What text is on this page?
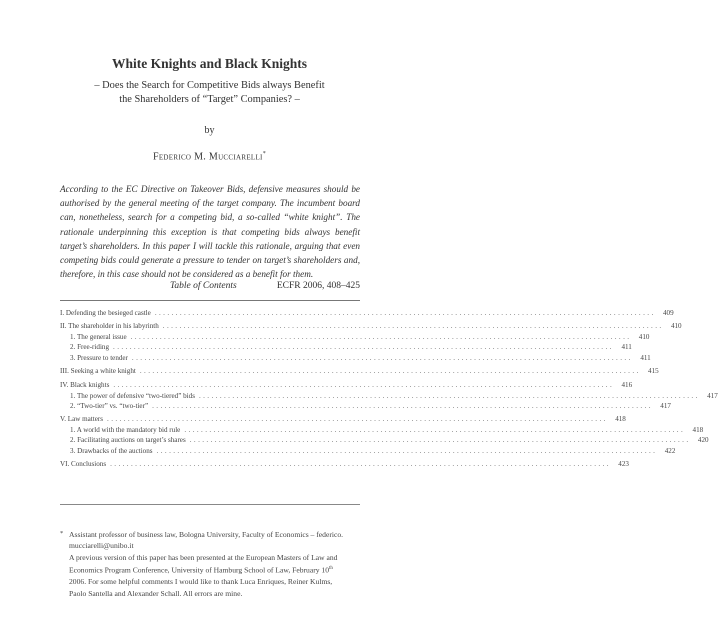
White Knights and Black Knights
– Does the Search for Competitive Bids always Benefit
the Shareholders of “Target” Companies? –
by
Federico M. Mucciarelli*
According to the EC Directive on Takeover Bids, defensive measures should be authorised by the general meeting of the target company. The incumbent board can, nonetheless, search for a competing bid, a so-called “white knight”. The rationale underpinning this exception is that competing bids always benefit target’s shareholders. In this paper I will tackle this rationale, arguing that even competing bids could generate a pressure to tender on target’s shareholders and, therefore, in this case should not be considered as a benefit for them.
Table of Contents	ECFR 2006, 408–425
I. Defending the besieged castle ........................................................................................................................	409
II. The shareholder in his labyrinth ........................................................................................................................	410
1. The general issue ........................................................................................................................	410
2. Free-riding ........................................................................................................................	411
3. Pressure to tender ........................................................................................................................	411
III. Seeking a white knight ........................................................................................................................	415
IV. Black knights ........................................................................................................................	416
1. The power of defensive “two-tiered” bids ........................................................................................................................	417
2. “Two-tier” vs. “two-tier” ........................................................................................................................	417
V. Law matters ........................................................................................................................	418
1. A world with the mandatory bid rule ........................................................................................................................	418
2. Facilitating auctions on target’s shares ........................................................................................................................	420
3. Drawbacks of the auctions ........................................................................................................................	422
VI. Conclusions ........................................................................................................................	423
* Assistant professor of business law, Bologna University, Faculty of Economics – federico.
mucciarelli@unibo.it
A previous version of this paper has been presented at the European Masters of Law and
Economics Program Conference, University of Hamburg School of Law, February 10th
2006. For some helpful comments I would like to thank Luca Enriques, Reiner Kulms,
Paolo Santella and Alexander Schall. All errors are mine.
